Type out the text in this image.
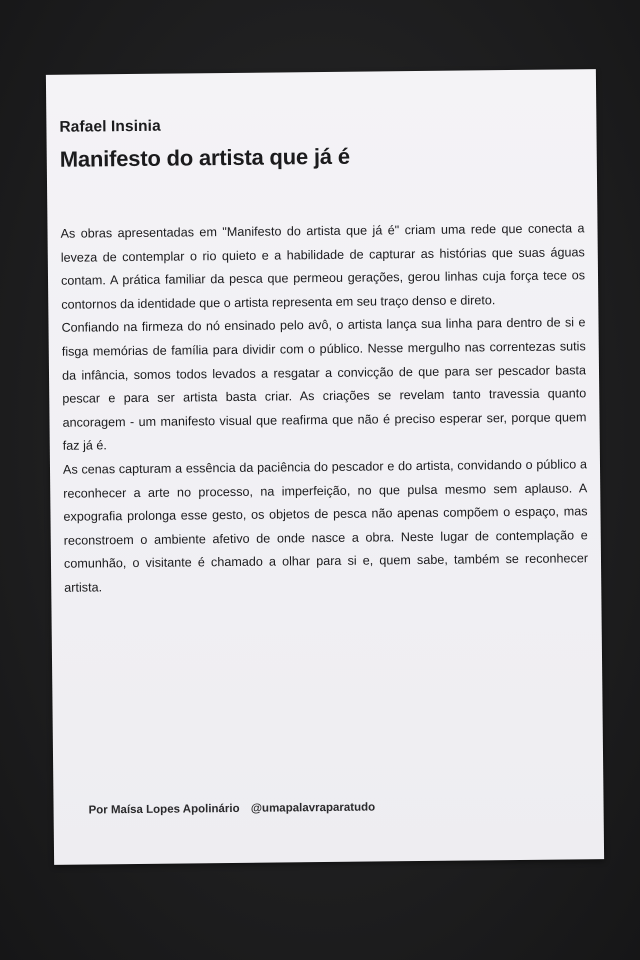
Rafael Insinia
Manifesto do artista que já é

As obras apresentadas em "Manifesto do artista que já é" criam uma rede que conecta a leveza de contemplar o rio quieto e a habilidade de capturar as histórias que suas águas contam. A prática familiar da pesca que permeou gerações, gerou linhas cuja força tece os contornos da identidade que o artista representa em seu traço denso e direto.

Confiando na firmeza do nó ensinado pelo avô, o artista lança sua linha para dentro de si e fisga memórias de família para dividir com o público. Nesse mergulho nas correntezas sutis da infância, somos todos levados a resgatar a convicção de que para ser pescador basta pescar e para ser artista basta criar. As criações se revelam tanto travessia quanto ancoragem - um manifesto visual que reafirma que não é preciso esperar ser, porque quem faz já é.

As cenas capturam a essência da paciência do pescador e do artista, convidando o público a reconhecer a arte no processo, na imperfeição, no que pulsa mesmo sem aplauso. A expografia prolonga esse gesto, os objetos de pesca não apenas compõem o espaço, mas reconstroem o ambiente afetivo de onde nasce a obra. Neste lugar de contemplação e comunhão, o visitante é chamado a olhar para si e, quem sabe, também se reconhecer artista.

Por Maísa Lopes Apolinário @umapalavraparatudo
